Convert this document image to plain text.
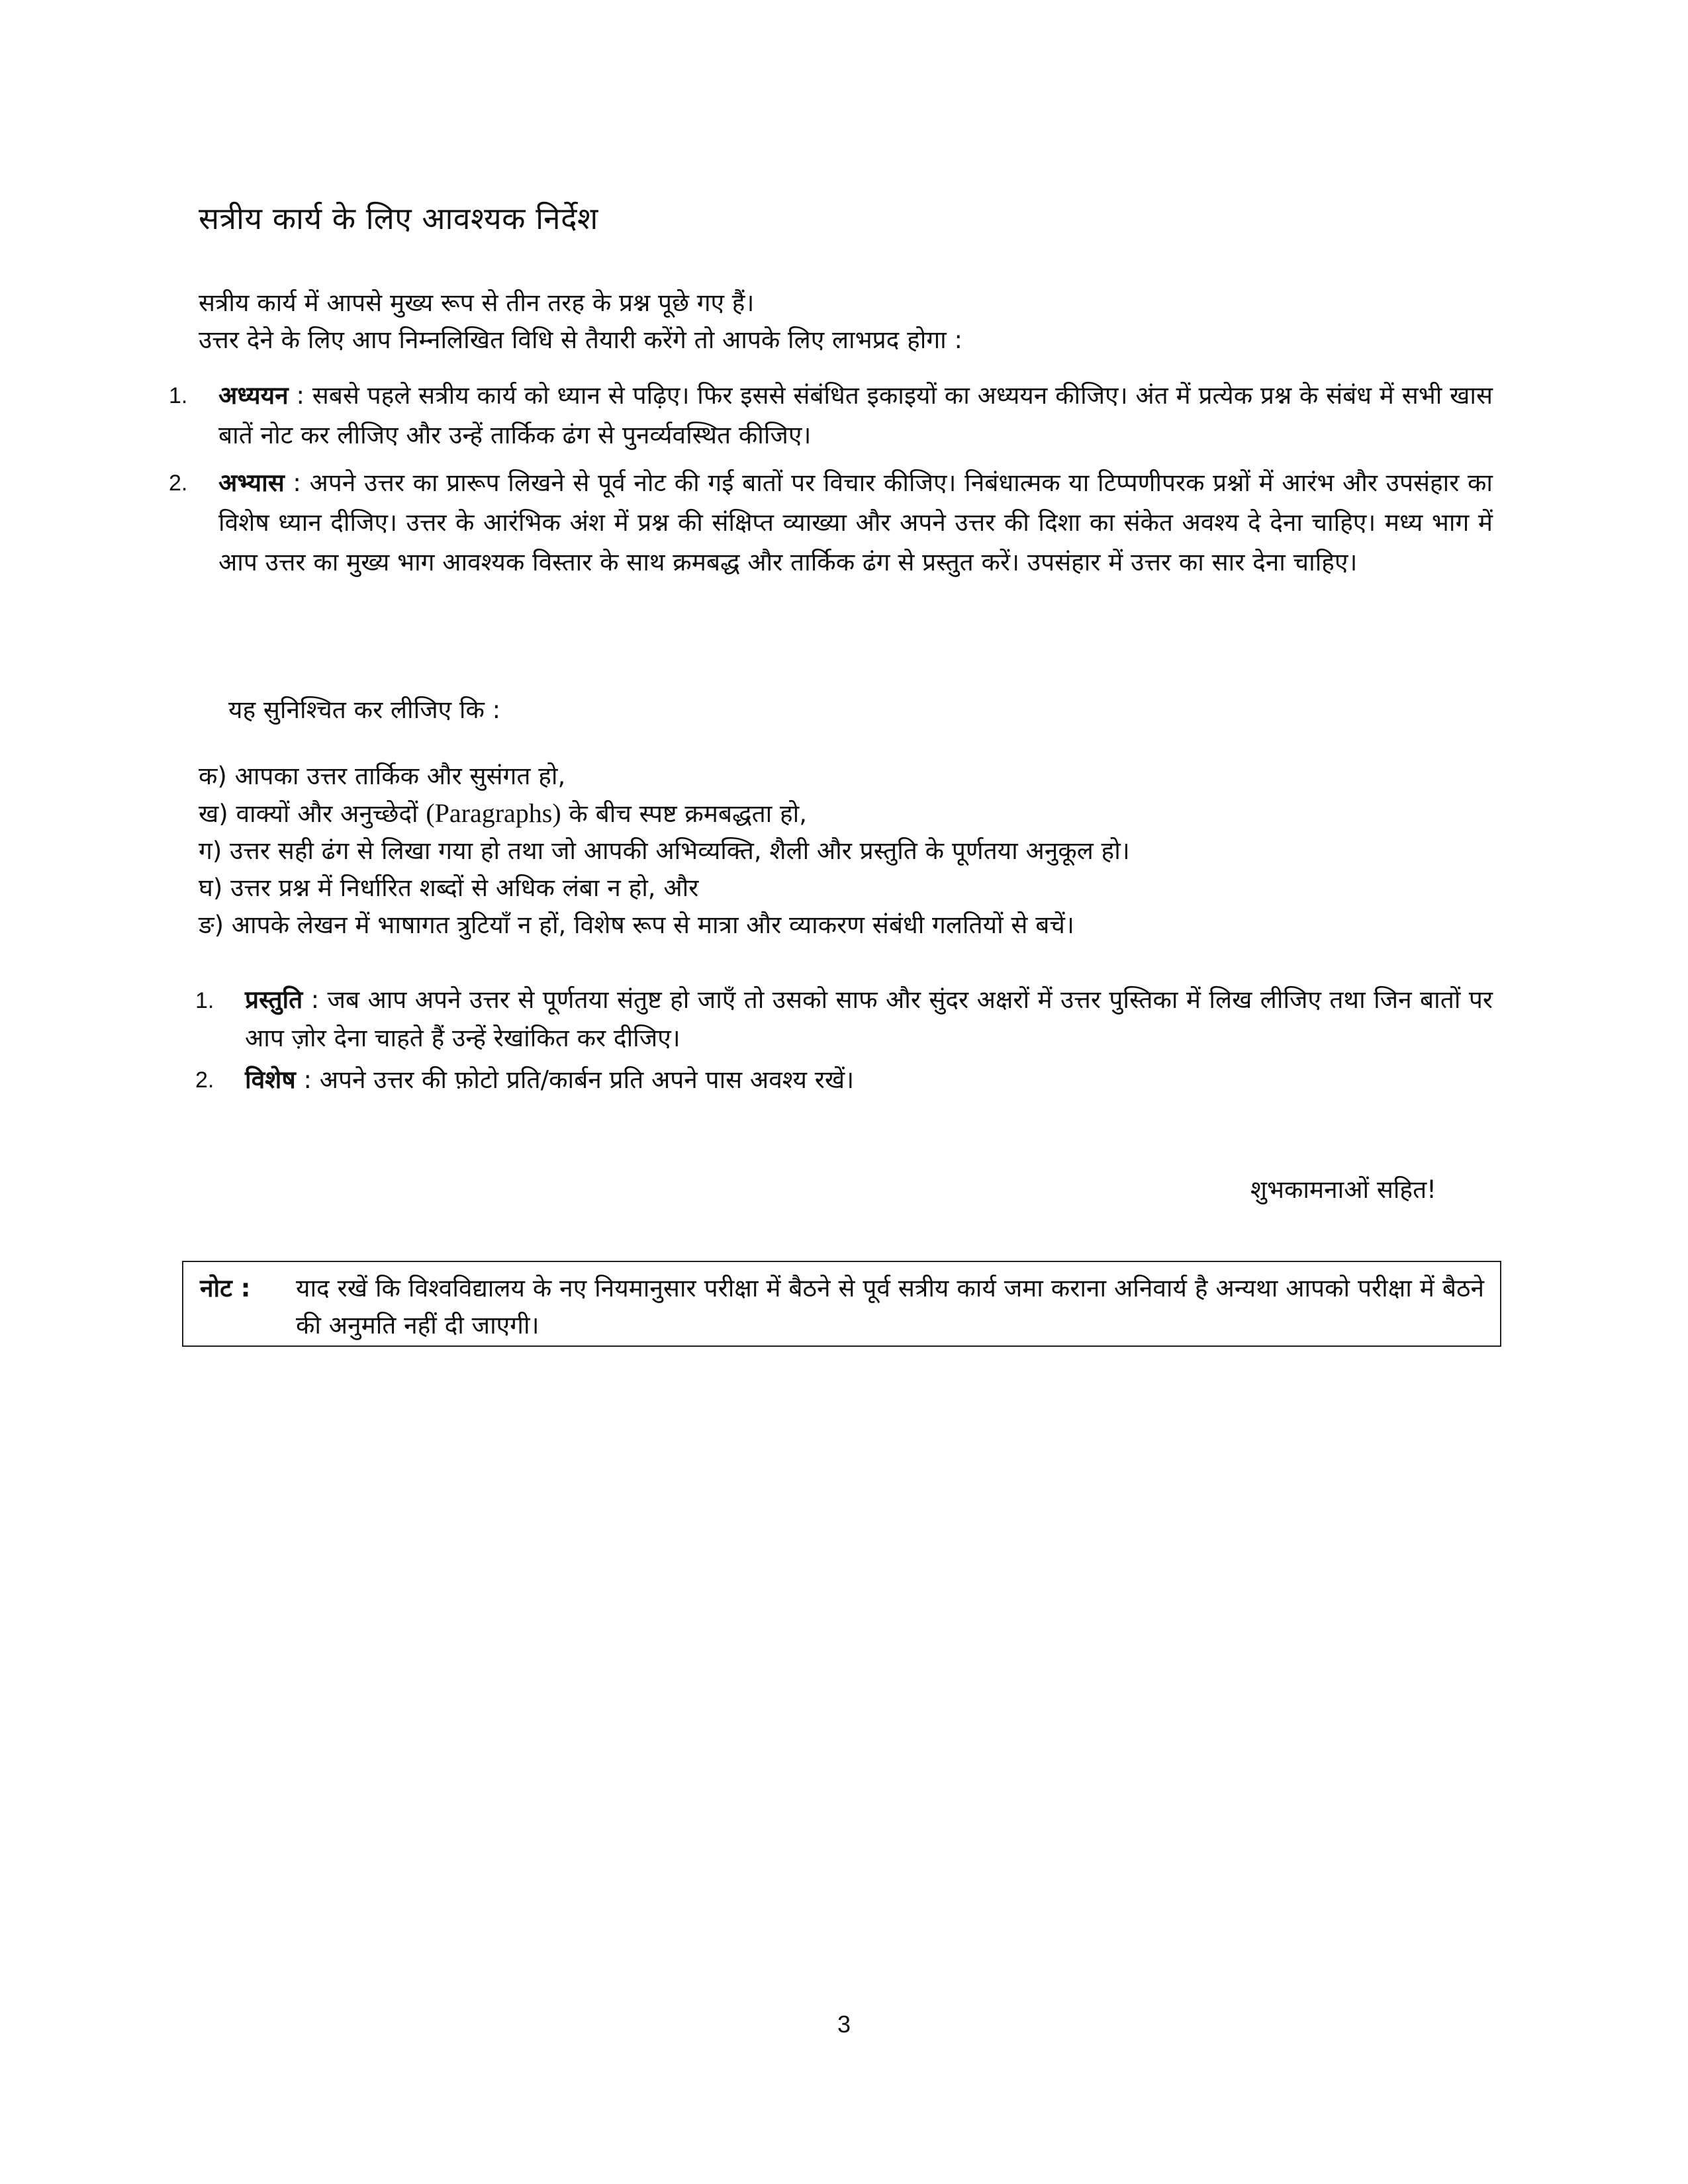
सत्रीय कार्य के लिए आवश्यक निर्देश
सत्रीय कार्य में आपसे मुख्य रूप से तीन तरह के प्रश्न पूछे गए हैं।
उत्तर देने के लिए आप निम्नलिखित विधि से तैयारी करेंगे तो आपके लिए लाभप्रद होगा :
1. अध्ययन : सबसे पहले सत्रीय कार्य को ध्यान से पढ़िए। फिर इससे संबंधित इकाइयों का अध्ययन कीजिए। अंत में प्रत्येक प्रश्न के संबंध में सभी खास बातें नोट कर लीजिए और उन्हें तार्किक ढंग से पुनर्व्यवस्थित कीजिए।
2. अभ्यास : अपने उत्तर का प्रारूप लिखने से पूर्व नोट की गई बातों पर विचार कीजिए। निबंधात्मक या टिप्पणीपरक प्रश्नों में आरंभ और उपसंहार का विशेष ध्यान दीजिए। उत्तर के आरंभिक अंश में प्रश्न की संक्षिप्त व्याख्या और अपने उत्तर की दिशा का संकेत अवश्य दे देना चाहिए। मध्य भाग में आप उत्तर का मुख्य भाग आवश्यक विस्तार के साथ क्रमबद्ध और तार्किक ढंग से प्रस्तुत करें। उपसंहार में उत्तर का सार देना चाहिए।
यह सुनिश्चित कर लीजिए कि :
क) आपका उत्तर तार्किक और सुसंगत हो,
ख) वाक्यों और अनुच्छेदों (Paragraphs) के बीच स्पष्ट क्रमबद्धता हो,
ग) उत्तर सही ढंग से लिखा गया हो तथा जो आपकी अभिव्यक्ति, शैली और प्रस्तुति के पूर्णतया अनुकूल हो।
घ) उत्तर प्रश्न में निर्धारित शब्दों से अधिक लंबा न हो, और
ङ) आपके लेखन में भाषागत त्रुटियाँ न हों, विशेष रूप से मात्रा और व्याकरण संबंधी गलतियों से बचें।
1. प्रस्तुति : जब आप अपने उत्तर से पूर्णतया संतुष्ट हो जाएँ तो उसको साफ और सुंदर अक्षरों में उत्तर पुस्तिका में लिख लीजिए तथा जिन बातों पर आप ज़ोर देना चाहते हैं उन्हें रेखांकित कर दीजिए।
2. विशेष : अपने उत्तर की फ़ोटो प्रति/कार्बन प्रति अपने पास अवश्य रखें।
शुभकामनाओं सहित!
नोट : याद रखें कि विश्वविद्यालय के नए नियमानुसार परीक्षा में बैठने से पूर्व सत्रीय कार्य जमा कराना अनिवार्य है अन्यथा आपको परीक्षा में बैठने की अनुमति नहीं दी जाएगी।
3
